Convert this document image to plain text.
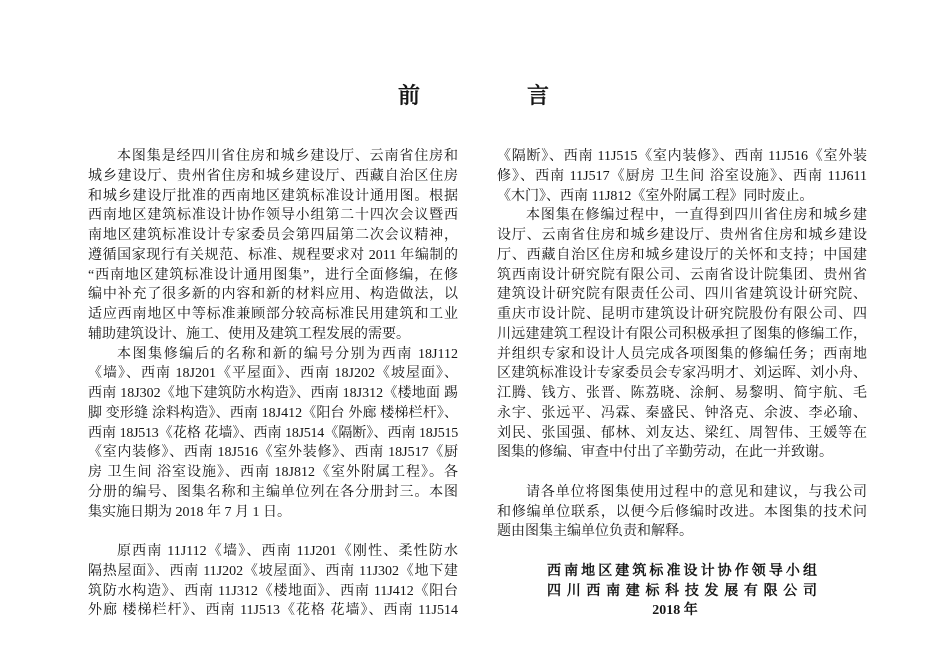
前言
本图集是经四川省住房和城乡建设厅、云南省住房和
城乡建设厅、贵州省住房和城乡建设厅、西藏自治区住房
和城乡建设厅批准的西南地区建筑标准设计通用图。根据
西南地区建筑标准设计协作领导小组第二十四次会议暨西
南地区建筑标准设计专家委员会第四届第二次会议精神，
遵循国家现行有关规范、标准、规程要求对 2011 年编制的
“西南地区建筑标准设计通用图集”，进行全面修编，在修
编中补充了很多新的内容和新的材料应用、构造做法，以
适应西南地区中等标准兼顾部分较高标准民用建筑和工业
辅助建筑设计、施工、使用及建筑工程发展的需要。
本图集修编后的名称和新的编号分别为西南 18J112
《墙》、西南 18J201《平屋面》、西南 18J202《坡屋面》、
西南 18J302《地下建筑防水构造》、西南 18J312《楼地面 踢
脚 变形缝 涂料构造》、西南 18J412《阳台 外廊 楼梯栏杆》、
西南 18J513《花格 花墙》、西南 18J514《隔断》、西南 18J515
《室内装修》、西南 18J516《室外装修》、西南 18J517《厨
房 卫生间 浴室设施》、西南 18J812《室外附属工程》。各
分册的编号、图集名称和主编单位列在各分册封三。本图
集实施日期为 2018 年 7 月 1 日。
原西南 11J112《墙》、西南 11J201《刚性、柔性防水
隔热屋面》、西南 11J202《坡屋面》、西南 11J302《地下建
筑防水构造》、西南 11J312《楼地面》、西南 11J412《阳台
外廊 楼梯栏杆》、西南 11J513《花格 花墙》、西南 11J514
《隔断》、西南 11J515《室内装修》、西南 11J516《室外装
修》、西南 11J517《厨房 卫生间 浴室设施》、西南 11J611
《木门》、西南 11J812《室外附属工程》同时废止。
本图集在修编过程中，一直得到四川省住房和城乡建
设厅、云南省住房和城乡建设厅、贵州省住房和城乡建设
厅、西藏自治区住房和城乡建设厅的关怀和支持；中国建
筑西南设计研究院有限公司、云南省设计院集团、贵州省
建筑设计研究院有限责任公司、四川省建筑设计研究院、
重庆市设计院、昆明市建筑设计研究院股份有限公司、四
川远建建筑工程设计有限公司积极承担了图集的修编工作，
并组织专家和设计人员完成各项图集的修编任务；西南地
区建筑标准设计专家委员会专家冯明才、刘运晖、刘小舟、
江腾、钱方、张晋、陈荔晓、涂舸、易黎明、简宇航、毛
永宇、张远平、冯霖、秦盛民、钟洛克、余波、李必瑜、
刘民、张国强、郁林、刘友达、梁红、周智伟、王媛等在
图集的修编、审查中付出了辛勤劳动，在此一并致谢。
请各单位将图集使用过程中的意见和建议，与我公司
和修编单位联系，以便今后修编时改进。本图集的技术问
题由图集主编单位负责和解释。
西南地区建筑标准设计协作领导小组
四川西南建标科技发展有限公司
2018 年
